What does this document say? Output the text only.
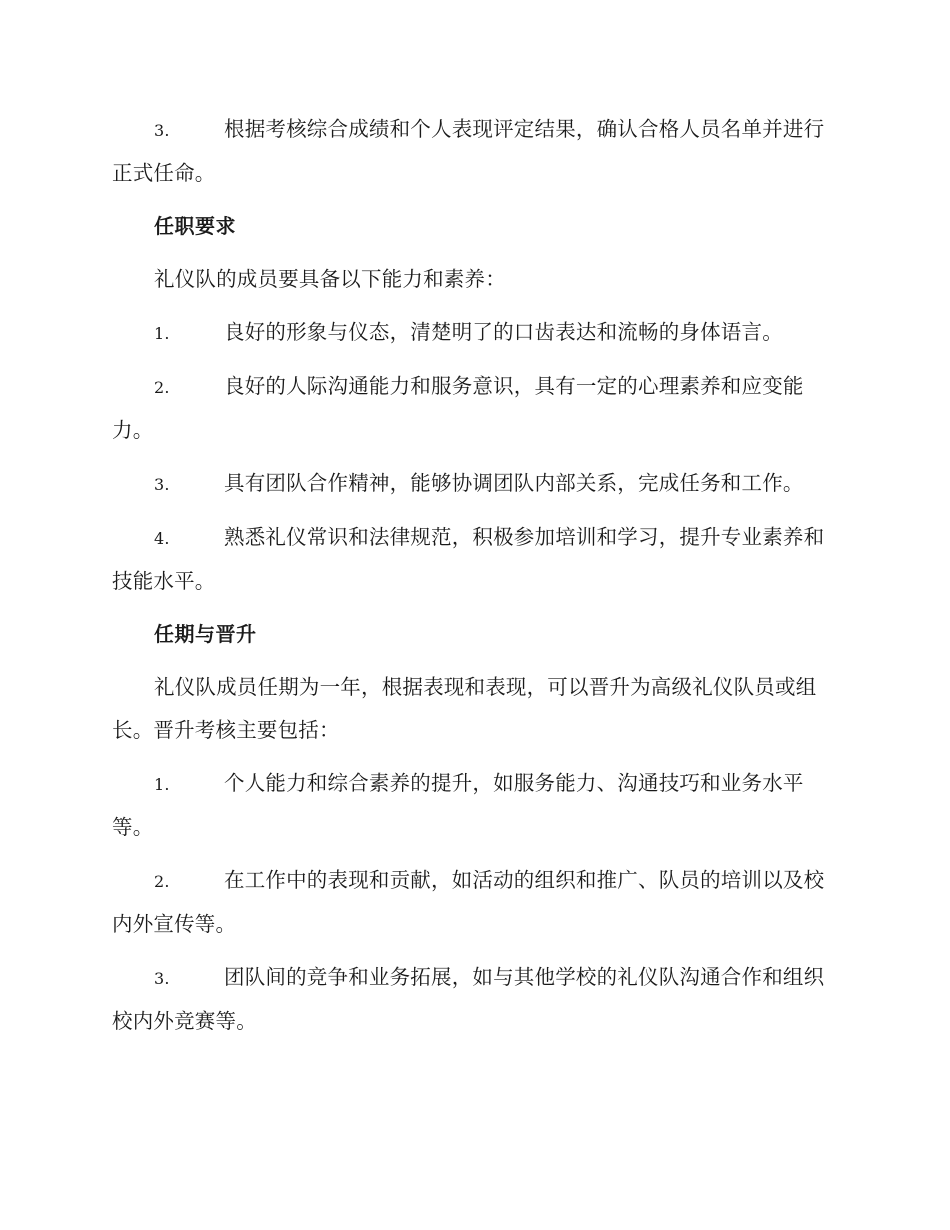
3.	根据考核综合成绩和个人表现评定结果，确认合格人员名单并进行正式任命。

任职要求

礼仪队的成员要具备以下能力和素养：

1.	良好的形象与仪态，清楚明了的口齿表达和流畅的身体语言。

2.	良好的人际沟通能力和服务意识，具有一定的心理素养和应变能力。

3.	具有团队合作精神，能够协调团队内部关系，完成任务和工作。

4.	熟悉礼仪常识和法律规范，积极参加培训和学习，提升专业素养和技能水平。

任期与晋升

礼仪队成员任期为一年，根据表现和表现，可以晋升为高级礼仪队员或组长。晋升考核主要包括：

1.	个人能力和综合素养的提升，如服务能力、沟通技巧和业务水平等。

2.	在工作中的表现和贡献，如活动的组织和推广、队员的培训以及校内外宣传等。

3.	团队间的竞争和业务拓展，如与其他学校的礼仪队沟通合作和组织校内外竞赛等。
